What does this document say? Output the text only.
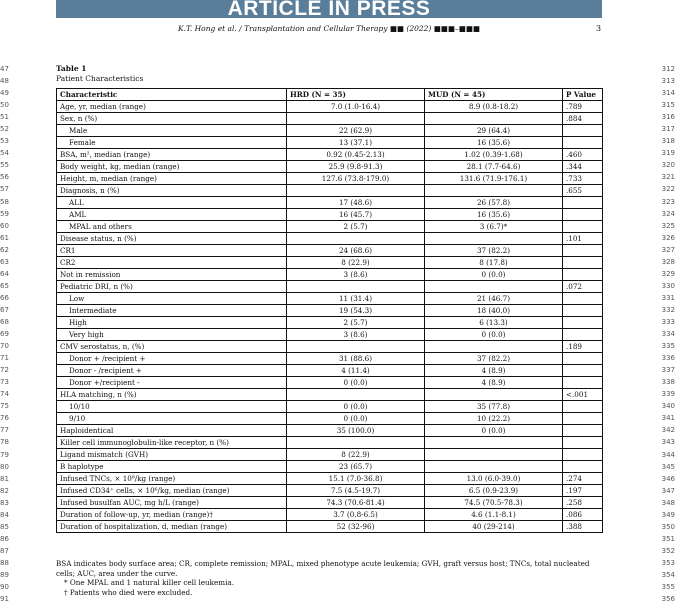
ARTICLE IN PRESS
K.T. Hong et al. / Transplantation and Cellular Therapy ■■ (2022) ■■■–■■■	3
47
48
49
50
51
52
53
54
55
56
57
58
59
60
61
62
63
64
65
66
67
68
69
70
71
72
73
74
75
76
77
78
79
80
81
82
83
84
85
86
87
88
89
90
91
312
313
314
315
316
317
318
319
320
321
322
323
324
325
326
327
328
329
330
331
332
333
334
335
336
337
338
339
340
341
342
343
344
345
346
347
348
349
350
351
352
353
354
355
356
Table 1
Patient Characteristics
Characteristic	HRD (N = 35)	MUD (N = 45)	P Value
Age, yr, median (range)	7.0 (1.0-16.4)	8.9 (0.8-18.2)	.789
Sex, n (%)			.884
Male	22 (62.9)	29 (64.4)	
Female	13 (37.1)	16 (35.6)	
BSA, m², median (range)	0.92 (0.45-2.13)	1.02 (0.39-1.68)	.460
Body weight, kg, median (range)	25.9 (9.8-91.3)	28.1 (7.7-64.6)	.344
Height, m, median (range)	127.6 (73.8-179.0)	131.6 (71.9-176.1)	.733
Diagnosis, n (%)			.655
ALL	17 (48.6)	26 (57.8)	
AML	16 (45.7)	16 (35.6)	
MPAL and others	2 (5.7)	3 (6.7)*	
Disease status, n (%)			.101
CR1	24 (68.6)	37 (82.2)	
CR2	8 (22.9)	8 (17.8)	
Not in remission	3 (8.6)	0 (0.0)	
Pediatric DRI, n (%)			.072
Low	11 (31.4)	21 (46.7)	
Intermediate	19 (54.3)	18 (40.0)	
High	2 (5.7)	6 (13.3)	
Very high	3 (8.6)	0 (0.0)	
CMV serostatus, n, (%)			.189
Donor + /recipient +	31 (88.6)	37 (82.2)	
Donor - /recipient +	4 (11.4)	4 (8.9)	
Donor +/recipient -	0 (0.0)	4 (8.9)	
HLA matching, n (%)			<.001
10/10	0 (0.0)	35 (77.8)	
9/10	0 (0.0)	10 (22.2)	
Haploidentical	35 (100.0)	0 (0.0)	
Killer cell immunoglobulin-like receptor, n (%)			
Ligand mismatch (GVH)	8 (22.9)		
B haplotype	23 (65.7)		
Infused TNCs, × 10⁸/kg (range)	15.1 (7.0-36.8)	13.0 (6.0-39.0)	.274
Infused CD34⁺ cells, × 10⁶/kg, median (range)	7.5 (4.5-19.7)	6.5 (0.9-23.9)	.197
Infused busulfan AUC, mg h/L (range)	74.3 (70.6-81.4)	74.5 (70.5-78.3)	.258
Duration of follow-up, yr, median (range)†	3.7 (0.8-6.5)	4.6 (1.1-8.1)	.086
Duration of hospitalization, d, median (range)	52 (32-96)	40 (29-214)	.388

BSA indicates body surface area; CR, complete remission; MPAL, mixed phenotype acute leukemia; GVH, graft versus host; TNCs, total nucleated cells; AUC, area under the curve.

* One MPAL and 1 natural killer cell leukemia.

† Patients who died were excluded.
